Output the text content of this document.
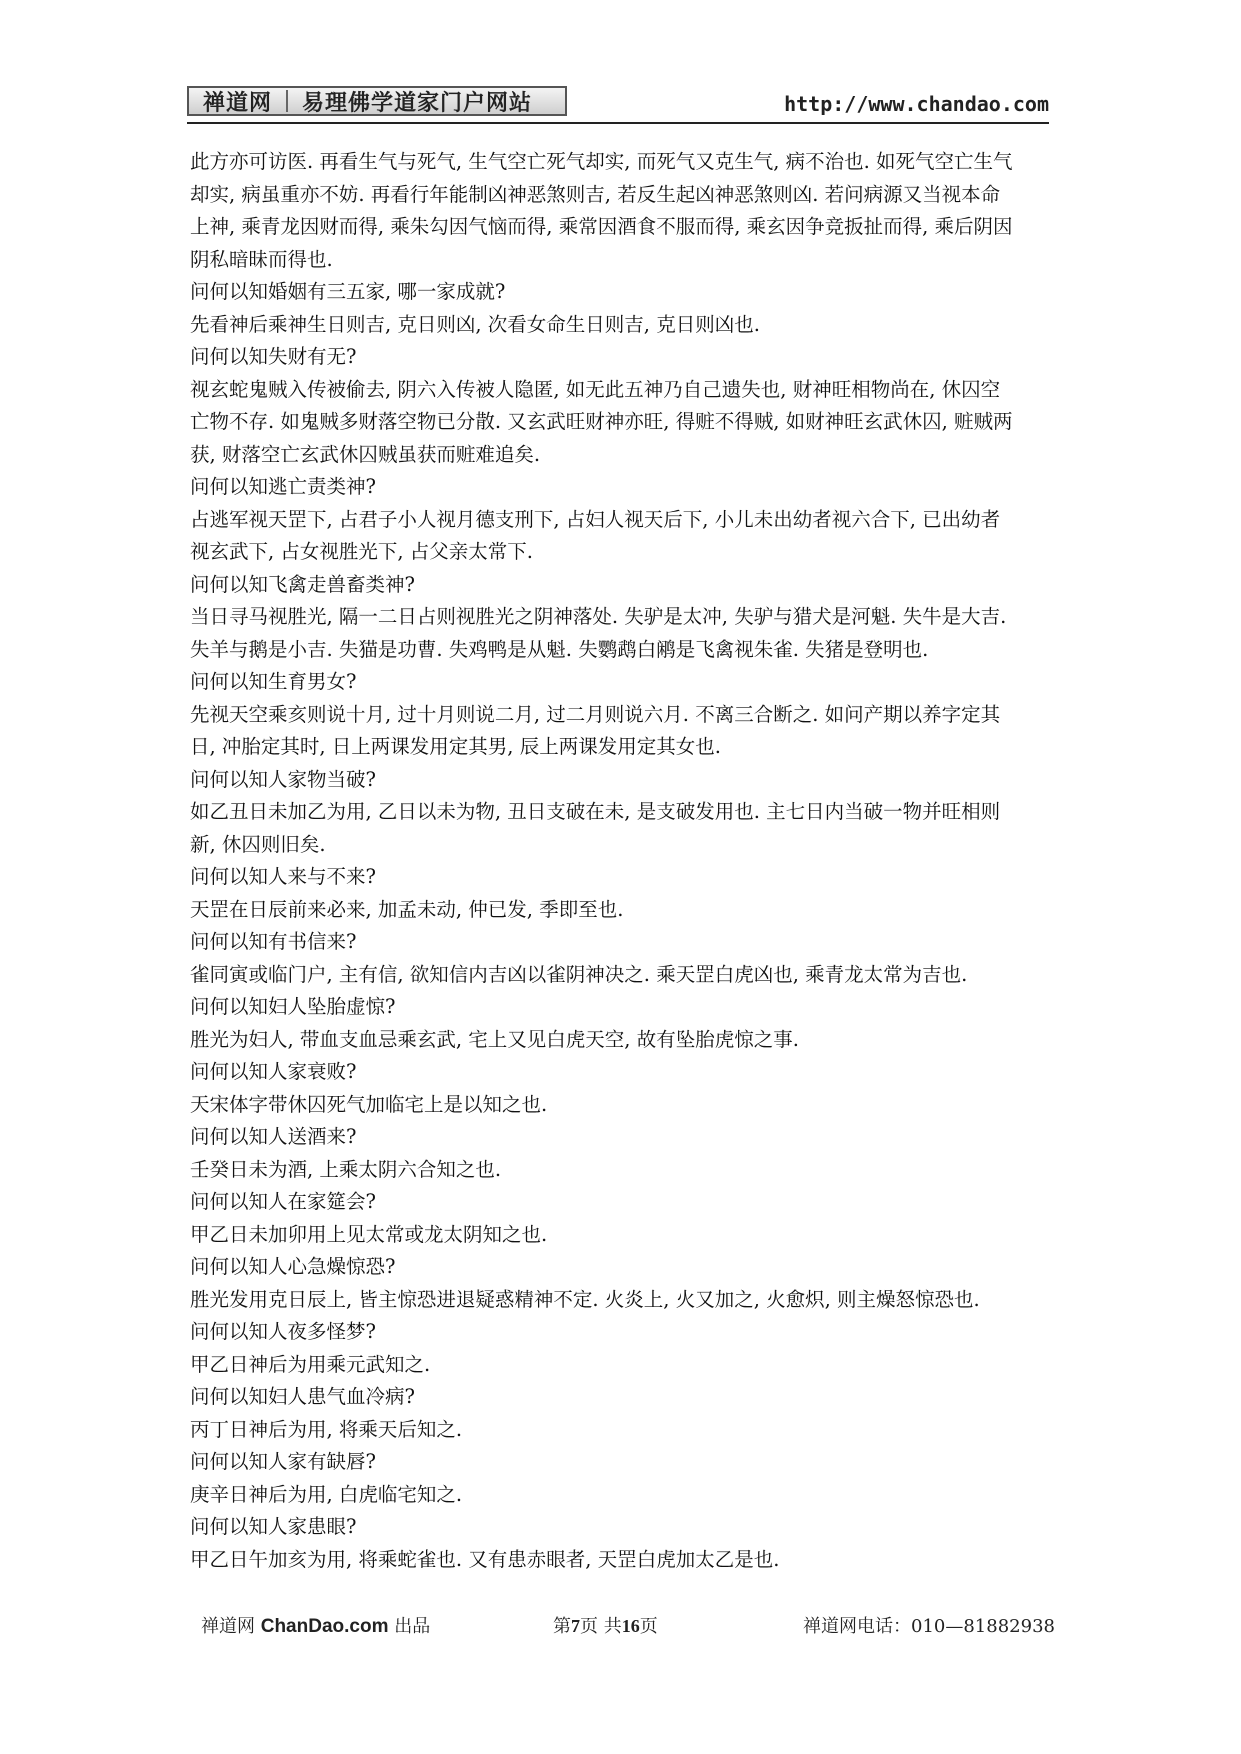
禅道网	易理佛学道家门户网站	http://www.chandao.com

此方亦可访医. 再看生气与死气, 生气空亡死气却实, 而死气又克生气, 病不治也. 如死气空亡生气

却实, 病虽重亦不妨. 再看行年能制凶神恶煞则吉, 若反生起凶神恶煞则凶. 若问病源又当视本命

上神, 乘青龙因财而得, 乘朱勾因气恼而得, 乘常因酒食不服而得, 乘玄因争竞扳扯而得, 乘后阴因

阴私暗昧而得也.

问何以知婚姻有三五家, 哪一家成就?

先看神后乘神生日则吉, 克日则凶, 次看女命生日则吉, 克日则凶也.

问何以知失财有无?

视玄蛇鬼贼入传被偷去, 阴六入传被人隐匿, 如无此五神乃自己遗失也, 财神旺相物尚在, 休囚空

亡物不存. 如鬼贼多财落空物已分散. 又玄武旺财神亦旺, 得赃不得贼, 如财神旺玄武休囚, 赃贼两

获, 财落空亡玄武休囚贼虽获而赃难追矣.

问何以知逃亡责类神?

占逃军视天罡下, 占君子小人视月德支刑下, 占妇人视天后下, 小儿未出幼者视六合下, 已出幼者

视玄武下, 占女视胜光下, 占父亲太常下.

问何以知飞禽走兽畜类神?

当日寻马视胜光, 隔一二日占则视胜光之阴神落处. 失驴是太冲, 失驴与猎犬是河魁. 失牛是大吉.

失羊与鹅是小吉. 失猫是功曹. 失鸡鸭是从魁. 失鹦鹉白鹇是飞禽视朱雀. 失猪是登明也.

问何以知生育男女?

先视天空乘亥则说十月, 过十月则说二月, 过二月则说六月. 不离三合断之. 如问产期以养字定其

日, 冲胎定其时, 日上两课发用定其男, 辰上两课发用定其女也.

问何以知人家物当破?

如乙丑日未加乙为用, 乙日以未为物, 丑日支破在未, 是支破发用也. 主七日内当破一物并旺相则

新, 休囚则旧矣.

问何以知人来与不来?

天罡在日辰前来必来, 加孟未动, 仲已发, 季即至也.

问何以知有书信来?

雀同寅或临门户, 主有信, 欲知信内吉凶以雀阴神决之. 乘天罡白虎凶也, 乘青龙太常为吉也.

问何以知妇人坠胎虚惊?

胜光为妇人, 带血支血忌乘玄武, 宅上又见白虎天空, 故有坠胎虎惊之事.

问何以知人家衰败?

天宋体字带休囚死气加临宅上是以知之也.

问何以知人送酒来?

壬癸日未为酒, 上乘太阴六合知之也.

问何以知人在家筵会?

甲乙日未加卯用上见太常或龙太阴知之也.

问何以知人心急燥惊恐?

胜光发用克日辰上, 皆主惊恐进退疑惑精神不定. 火炎上, 火又加之, 火愈炽, 则主燥怒惊恐也.

问何以知人夜多怪梦?

甲乙日神后为用乘元武知之.

问何以知妇人患气血冷病?

丙丁日神后为用, 将乘天后知之.

问何以知人家有缺唇?

庚辛日神后为用, 白虎临宅知之.

问何以知人家患眼?

甲乙日午加亥为用, 将乘蛇雀也. 又有患赤眼者, 天罡白虎加太乙是也.

禅道网 ChanDao.com 出品	第7页 共16页	禅道网电话：010—81882938
